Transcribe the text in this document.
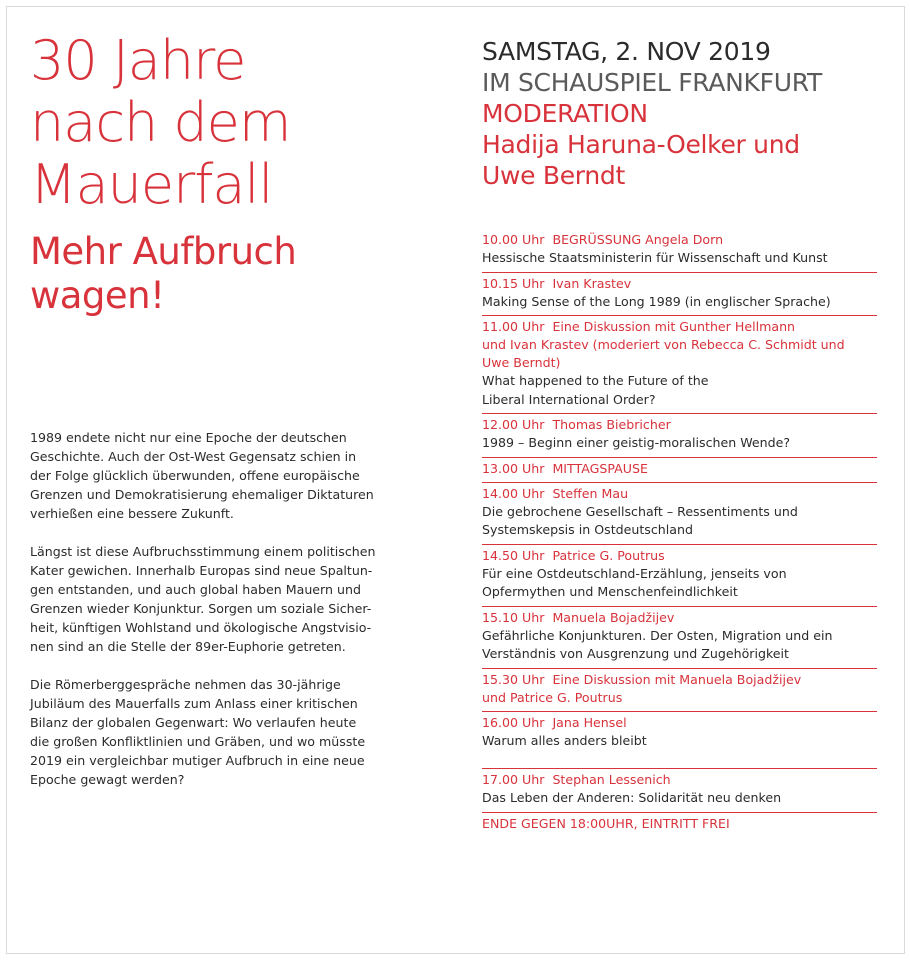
30 Jahre
nach dem
Mauerfall
Mehr Aufbruch
wagen!

1989 endete nicht nur eine Epoche der deutschen
Geschichte. Auch der Ost-West Gegensatz schien in
der Folge glücklich überwunden, offene europäische
Grenzen und Demokratisierung ehemaliger Diktaturen
verhießen eine bessere Zukunft.

Längst ist diese Aufbruchsstimmung einem politischen
Kater gewichen. Innerhalb Europas sind neue Spaltun-
gen entstanden, und auch global haben Mauern und
Grenzen wieder Konjunktur. Sorgen um soziale Sicher-
heit, künftigen Wohlstand und ökologische Angstvisio-
nen sind an die Stelle der 89er-Euphorie getreten.

Die Römerberggespräche nehmen das 30-jährige
Jubiläum des Mauerfalls zum Anlass einer kritischen
Bilanz der globalen Gegenwart: Wo verlaufen heute
die großen Konfliktlinien und Gräben, und wo müsste
2019 ein vergleichbar mutiger Aufbruch in eine neue
Epoche gewagt werden?

SAMSTAG, 2. NOV 2019

IM SCHAUSPIEL FRANKFURT

MODERATION

Hadija Haruna-Oelker und

Uwe Berndt

10.00 Uhr BEGRÜSSUNG Angela Dorn
Hessische Staatsministerin für Wissenschaft und Kunst
10.15 Uhr Ivan Krastev
Making Sense of the Long 1989 (in englischer Sprache)
11.00 Uhr Eine Diskussion mit Gunther Hellmann
und Ivan Krastev (moderiert von Rebecca C. Schmidt und
Uwe Berndt)
What happened to the Future of the
Liberal International Order?
12.00 Uhr Thomas Biebricher
1989 – Beginn einer geistig-moralischen Wende?
13.00 Uhr MITTAGSPAUSE
14.00 Uhr Steffen Mau
Die gebrochene Gesellschaft – Ressentiments und
Systemskepsis in Ostdeutschland
14.50 Uhr Patrice G. Poutrus
Für eine Ostdeutschland-Erzählung, jenseits von
Opfermythen und Menschenfeindlichkeit
15.10 Uhr Manuela Bojadžijev
Gefährliche Konjunkturen. Der Osten, Migration und ein
Verständnis von Ausgrenzung und Zugehörigkeit
15.30 Uhr Eine Diskussion mit Manuela Bojadžijev
und Patrice G. Poutrus
16.00 Uhr Jana Hensel
Warum alles anders bleibt
17.00 Uhr Stephan Lessenich
Das Leben der Anderen: Solidarität neu denken
ENDE GEGEN 18:00UHR, EINTRITT FREI
